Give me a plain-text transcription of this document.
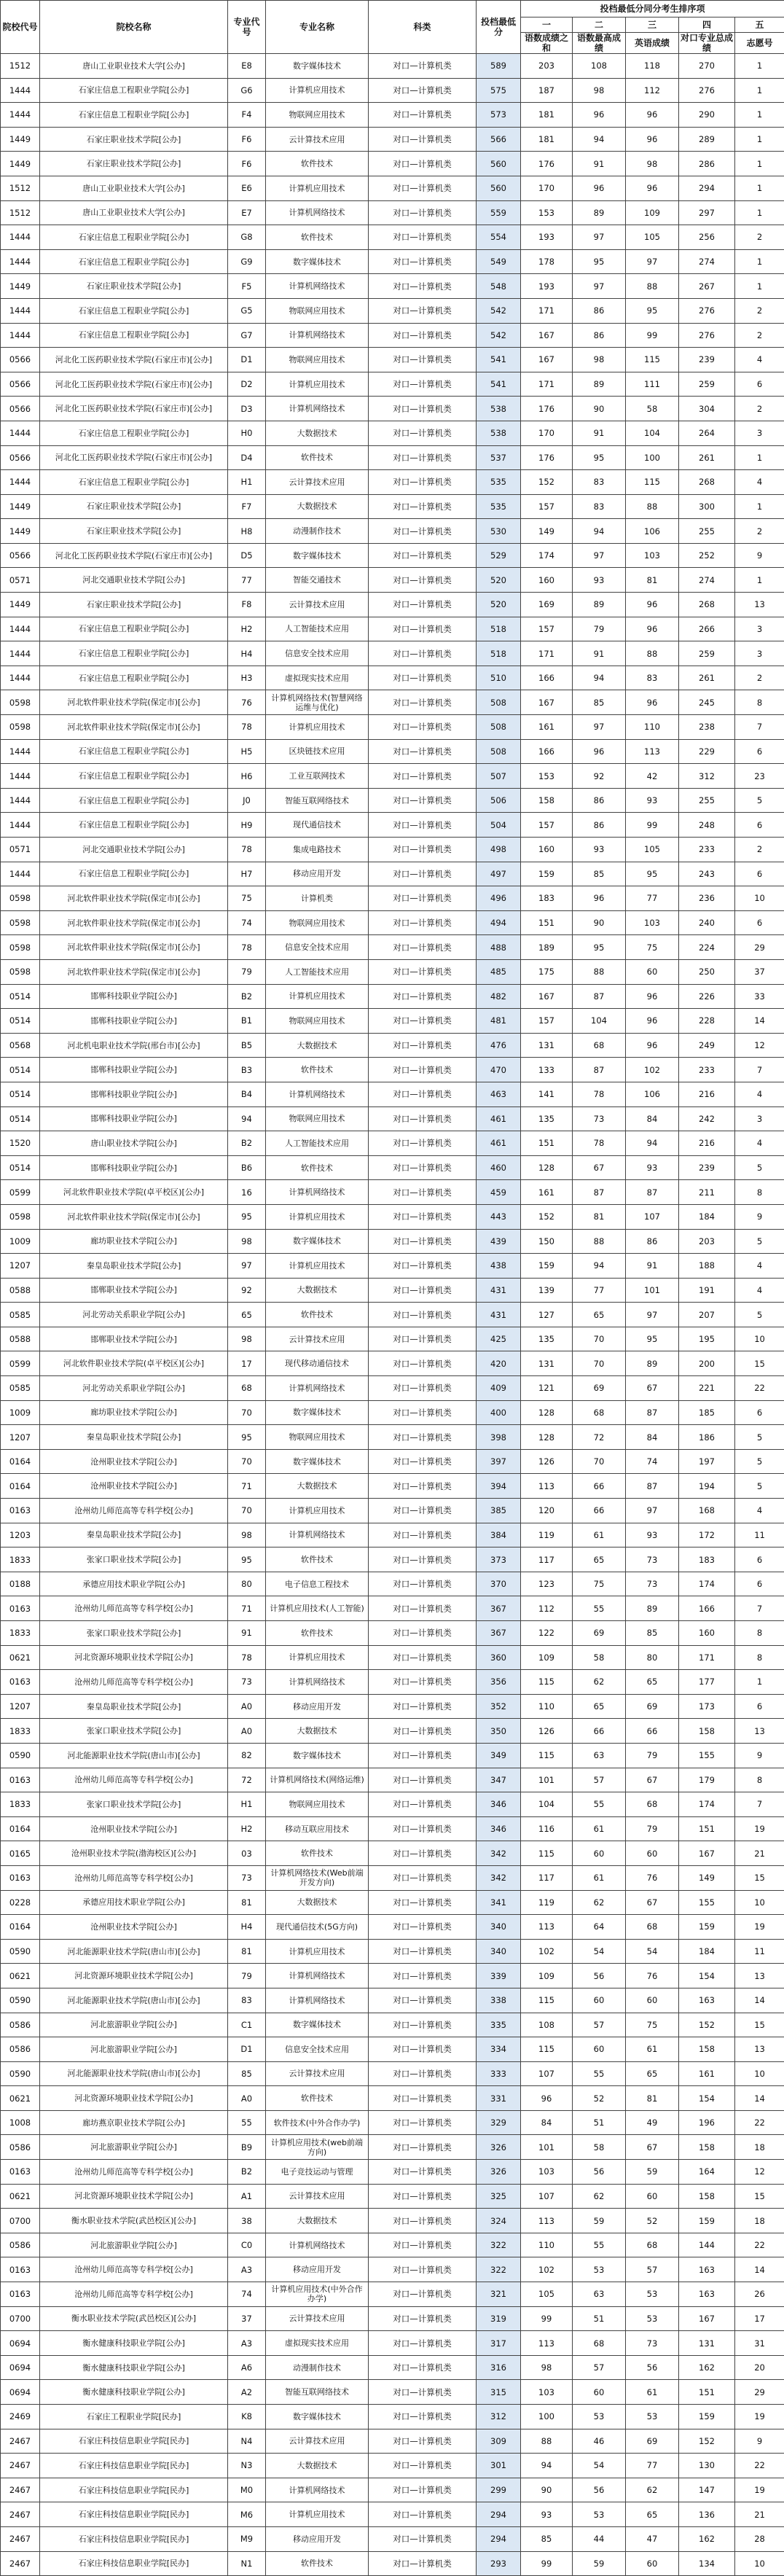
院校代号	院校名称	专业代号	专业名称	科类	投档最低分	投档最低分同分考生排序项				
						一	二	三	四	五
						语数成绩之和	语数最高成绩	英语成绩	对口专业总成绩	志愿号
1512	唐山工业职业技术大学[公办]	E8	数字媒体技术	对口—计算机类	589	203	108	118	270	1
1444	石家庄信息工程职业学院[公办]	G6	计算机应用技术	对口—计算机类	575	187	98	112	276	1
1444	石家庄信息工程职业学院[公办]	F4	物联网应用技术	对口—计算机类	573	181	96	96	290	1
1449	石家庄职业技术学院[公办]	F6	云计算技术应用	对口—计算机类	566	181	94	96	289	1
1449	石家庄职业技术学院[公办]	F6	软件技术	对口—计算机类	560	176	91	98	286	1
1512	唐山工业职业技术大学[公办]	E6	计算机应用技术	对口—计算机类	560	170	96	96	294	1
1512	唐山工业职业技术大学[公办]	E7	计算机网络技术	对口—计算机类	559	153	89	109	297	1
1444	石家庄信息工程职业学院[公办]	G8	软件技术	对口—计算机类	554	193	97	105	256	2
1444	石家庄信息工程职业学院[公办]	G9	数字媒体技术	对口—计算机类	549	178	95	97	274	1
1449	石家庄职业技术学院[公办]	F5	计算机网络技术	对口—计算机类	548	193	97	88	267	1
1444	石家庄信息工程职业学院[公办]	G5	物联网应用技术	对口—计算机类	542	171	86	95	276	2
1444	石家庄信息工程职业学院[公办]	G7	计算机网络技术	对口—计算机类	542	167	86	99	276	2
0566	河北化工医药职业技术学院(石家庄市)[公办]	D1	物联网应用技术	对口—计算机类	541	167	98	115	239	4
0566	河北化工医药职业技术学院(石家庄市)[公办]	D2	计算机应用技术	对口—计算机类	541	171	89	111	259	6
0566	河北化工医药职业技术学院(石家庄市)[公办]	D3	计算机网络技术	对口—计算机类	538	176	90	58	304	2
1444	石家庄信息工程职业学院[公办]	H0	大数据技术	对口—计算机类	538	170	91	104	264	3
0566	河北化工医药职业技术学院(石家庄市)[公办]	D4	软件技术	对口—计算机类	537	176	95	100	261	1
1444	石家庄信息工程职业学院[公办]	H1	云计算技术应用	对口—计算机类	535	152	83	115	268	4
1449	石家庄职业技术学院[公办]	F7	大数据技术	对口—计算机类	535	157	83	88	300	1
1449	石家庄职业技术学院[公办]	H8	动漫制作技术	对口—计算机类	530	149	94	106	255	2
0566	河北化工医药职业技术学院(石家庄市)[公办]	D5	数字媒体技术	对口—计算机类	529	174	97	103	252	9
0571	河北交通职业技术学院[公办]	77	智能交通技术	对口—计算机类	520	160	93	81	274	1
1449	石家庄职业技术学院[公办]	F8	云计算技术应用	对口—计算机类	520	169	89	96	268	13
1444	石家庄信息工程职业学院[公办]	H2	人工智能技术应用	对口—计算机类	518	157	79	96	266	3
1444	石家庄信息工程职业学院[公办]	H4	信息安全技术应用	对口—计算机类	518	171	91	88	259	3
1444	石家庄信息工程职业学院[公办]	H3	虚拟现实技术应用	对口—计算机类	510	166	94	83	261	2
0598	河北软件职业技术学院(保定市)[公办]	76	计算机网络技术(智慧网络运维与优化)	对口—计算机类	508	167	85	96	245	8
0598	河北软件职业技术学院(保定市)[公办]	78	计算机应用技术	对口—计算机类	508	161	97	110	238	7
1444	石家庄信息工程职业学院[公办]	H5	区块链技术应用	对口—计算机类	508	166	96	113	229	6
1444	石家庄信息工程职业学院[公办]	H6	工业互联网技术	对口—计算机类	507	153	92	42	312	23
1444	石家庄信息工程职业学院[公办]	J0	智能互联网络技术	对口—计算机类	506	158	86	93	255	5
1444	石家庄信息工程职业学院[公办]	H9	现代通信技术	对口—计算机类	504	157	86	99	248	6
0571	河北交通职业技术学院[公办]	78	集成电路技术	对口—计算机类	498	160	93	105	233	2
1444	石家庄信息工程职业学院[公办]	H7	移动应用开发	对口—计算机类	497	159	85	95	243	6
0598	河北软件职业技术学院(保定市)[公办]	75	计算机类	对口—计算机类	496	183	96	77	236	10
0598	河北软件职业技术学院(保定市)[公办]	74	物联网应用技术	对口—计算机类	494	151	90	103	240	6
0598	河北软件职业技术学院(保定市)[公办]	78	信息安全技术应用	对口—计算机类	488	189	95	75	224	29
0598	河北软件职业技术学院(保定市)[公办]	79	人工智能技术应用	对口—计算机类	485	175	88	60	250	37
0514	邯郸科技职业学院[公办]	B2	计算机应用技术	对口—计算机类	482	167	87	96	226	33
0514	邯郸科技职业学院[公办]	B1	物联网应用技术	对口—计算机类	481	157	104	96	228	14
0568	河北机电职业技术学院(邢台市)[公办]	B5	大数据技术	对口—计算机类	476	131	68	96	249	12
0514	邯郸科技职业学院[公办]	B3	软件技术	对口—计算机类	470	133	87	102	233	7
0514	邯郸科技职业学院[公办]	B4	计算机网络技术	对口—计算机类	463	141	78	106	216	4
0514	邯郸科技职业学院[公办]	94	物联网应用技术	对口—计算机类	461	135	73	84	242	3
1520	唐山职业技术学院[公办]	B2	人工智能技术应用	对口—计算机类	461	151	78	94	216	4
0514	邯郸科技职业学院[公办]	B6	软件技术	对口—计算机类	460	128	67	93	239	5
0599	河北软件职业技术学院(卓平校区)[公办]	16	计算机网络技术	对口—计算机类	459	161	87	87	211	8
0598	河北软件职业技术学院(保定市)[公办]	95	计算机应用技术	对口—计算机类	443	152	81	107	184	9
1009	廊坊职业技术学院[公办]	98	数字媒体技术	对口—计算机类	439	150	88	86	203	5
1207	秦皇岛职业技术学院[公办]	97	计算机应用技术	对口—计算机类	438	159	94	91	188	4
0588	邯郸职业技术学院[公办]	92	大数据技术	对口—计算机类	431	139	77	101	191	4
0585	河北劳动关系职业学院[公办]	65	软件技术	对口—计算机类	431	127	65	97	207	5
0588	邯郸职业技术学院[公办]	98	云计算技术应用	对口—计算机类	425	135	70	95	195	10
0599	河北软件职业技术学院(卓平校区)[公办]	17	现代移动通信技术	对口—计算机类	420	131	70	89	200	15
0585	河北劳动关系职业学院[公办]	68	计算机网络技术	对口—计算机类	409	121	69	67	221	22
1009	廊坊职业技术学院[公办]	70	数字媒体技术	对口—计算机类	400	128	68	87	185	6
1207	秦皇岛职业技术学院[公办]	95	物联网应用技术	对口—计算机类	398	128	72	84	186	5
0164	沧州职业技术学院[公办]	70	数字媒体技术	对口—计算机类	397	126	70	74	197	5
0164	沧州职业技术学院[公办]	71	大数据技术	对口—计算机类	394	113	66	87	194	5
0163	沧州幼儿师范高等专科学校[公办]	70	计算机应用技术	对口—计算机类	385	120	66	97	168	4
1203	秦皇岛职业技术学院[公办]	98	计算机网络技术	对口—计算机类	384	119	61	93	172	11
1833	张家口职业技术学院[公办]	95	软件技术	对口—计算机类	373	117	65	73	183	6
0188	承德应用技术职业学院[公办]	80	电子信息工程技术	对口—计算机类	370	123	75	73	174	6
0163	沧州幼儿师范高等专科学校[公办]	71	计算机应用技术(人工智能)	对口—计算机类	367	112	55	89	166	7
1833	张家口职业技术学院[公办]	91	软件技术	对口—计算机类	367	122	69	85	160	8
0621	河北资源环境职业技术学院[公办]	78	计算机应用技术	对口—计算机类	360	109	58	80	171	8
0163	沧州幼儿师范高等专科学校[公办]	73	计算机网络技术	对口—计算机类	356	115	62	65	177	1
1207	秦皇岛职业技术学院[公办]	A0	移动应用开发	对口—计算机类	352	110	65	69	173	6
1833	张家口职业技术学院[公办]	A0	大数据技术	对口—计算机类	350	126	66	66	158	13
0590	河北能源职业技术学院(唐山市)[公办]	82	数字媒体技术	对口—计算机类	349	115	63	79	155	9
0163	沧州幼儿师范高等专科学校[公办]	72	计算机网络技术(网络运维)	对口—计算机类	347	101	57	67	179	8
1833	张家口职业技术学院[公办]	H1	物联网应用技术	对口—计算机类	346	104	55	68	174	7
0164	沧州职业技术学院[公办]	H2	移动互联应用技术	对口—计算机类	346	116	61	79	151	19
0165	沧州职业技术学院(渤海校区)[公办]	03	软件技术	对口—计算机类	342	115	60	60	167	21
0163	沧州幼儿师范高等专科学校[公办]	73	计算机网络技术(Web前端开发方向)	对口—计算机类	342	117	61	76	149	15
0228	承德应用技术职业学院[公办]	81	大数据技术	对口—计算机类	341	119	62	67	155	10
0164	沧州职业技术学院[公办]	H4	现代通信技术(5G方向)	对口—计算机类	340	113	64	68	159	19
0590	河北能源职业技术学院(唐山市)[公办]	81	计算机应用技术	对口—计算机类	340	102	54	54	184	11
0621	河北资源环境职业技术学院[公办]	79	计算机网络技术	对口—计算机类	339	109	56	76	154	13
0590	河北能源职业技术学院(唐山市)[公办]	83	计算机网络技术	对口—计算机类	338	115	60	60	163	14
0586	河北旅游职业学院[公办]	C1	数字媒体技术	对口—计算机类	335	108	57	75	152	15
0586	河北旅游职业学院[公办]	D1	信息安全技术应用	对口—计算机类	334	115	60	61	158	13
0590	河北能源职业技术学院(唐山市)[公办]	85	云计算技术应用	对口—计算机类	333	107	55	65	161	10
0621	河北资源环境职业技术学院[公办]	A0	软件技术	对口—计算机类	331	96	52	81	154	14
1008	廊坊燕京职业技术学院[公办]	55	软件技术(中外合作办学)	对口—计算机类	329	84	51	49	196	22
0586	河北旅游职业学院[公办]	B9	计算机应用技术(web前端方向)	对口—计算机类	326	101	58	67	158	18
0163	沧州幼儿师范高等专科学校[公办]	B2	电子竞技运动与管理	对口—计算机类	326	103	56	59	164	12
0621	河北资源环境职业技术学院[公办]	A1	云计算技术应用	对口—计算机类	325	107	62	60	158	15
0700	衡水职业技术学院(武邑校区)[公办]	38	大数据技术	对口—计算机类	324	113	59	52	159	18
0586	河北旅游职业学院[公办]	C0	计算机网络技术	对口—计算机类	322	110	55	68	144	22
0163	沧州幼儿师范高等专科学校[公办]	A3	移动应用开发	对口—计算机类	322	102	53	57	163	14
0163	沧州幼儿师范高等专科学校[公办]	74	计算机应用技术(中外合作办学)	对口—计算机类	321	105	63	53	163	26
0700	衡水职业技术学院(武邑校区)[公办]	37	云计算技术应用	对口—计算机类	319	99	51	53	167	17
0694	衡水健康科技职业学院[公办]	A3	虚拟现实技术应用	对口—计算机类	317	113	68	73	131	31
0694	衡水健康科技职业学院[公办]	A6	动漫制作技术	对口—计算机类	316	98	57	56	162	20
0694	衡水健康科技职业学院[公办]	A2	智能互联网络技术	对口—计算机类	315	103	60	61	151	29
2469	石家庄工程职业学院[民办]	K8	数字媒体技术	对口—计算机类	312	100	53	53	159	19
2467	石家庄科技信息职业学院[民办]	N4	云计算技术应用	对口—计算机类	309	88	46	69	152	9
2467	石家庄科技信息职业学院[民办]	N3	大数据技术	对口—计算机类	301	94	54	77	130	22
2467	石家庄科技信息职业学院[民办]	M0	计算机网络技术	对口—计算机类	299	90	56	62	147	19
2467	石家庄科技信息职业学院[民办]	M6	计算机应用技术	对口—计算机类	294	93	53	65	136	21
2467	石家庄科技信息职业学院[民办]	M9	移动应用开发	对口—计算机类	294	85	44	47	162	28
2467	石家庄科技信息职业学院[民办]	N1	软件技术	对口—计算机类	293	99	59	60	134	10
